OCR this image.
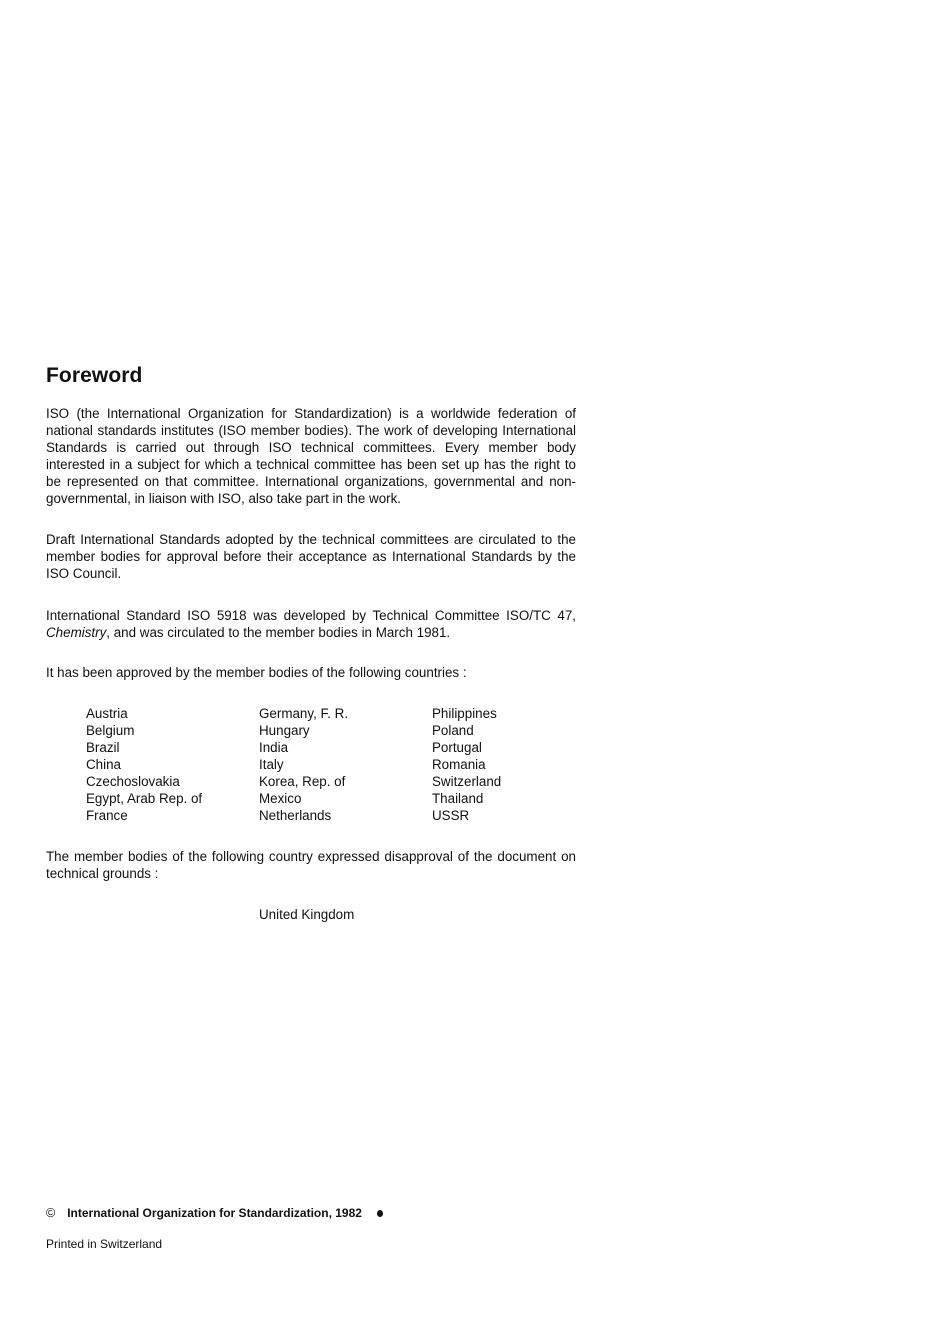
Foreword

ISO (the International Organization for Standardization) is a worldwide federation of national standards institutes (ISO member bodies). The work of developing International Standards is carried out through ISO technical committees. Every member body interested in a subject for which a technical committee has been set up has the right to be represented on that committee. International organizations, governmental and non-governmental, in liaison with ISO, also take part in the work.

Draft International Standards adopted by the technical committees are circulated to the member bodies for approval before their acceptance as International Standards by the ISO Council.

International Standard ISO 5918 was developed by Technical Committee ISO/TC 47, Chemistry, and was circulated to the member bodies in March 1981.

It has been approved by the member bodies of the following countries :

Austria
Belgium
Brazil
China
Czechoslovakia
Egypt, Arab Rep. of
France
Germany, F. R.
Hungary
India
Italy
Korea, Rep. of
Mexico
Netherlands
Philippines
Poland
Portugal
Romania
Switzerland
Thailand
USSR

The member bodies of the following country expressed disapproval of the document on technical grounds :

United Kingdom
© International Organization for Standardization, 1982
Printed in Switzerland
